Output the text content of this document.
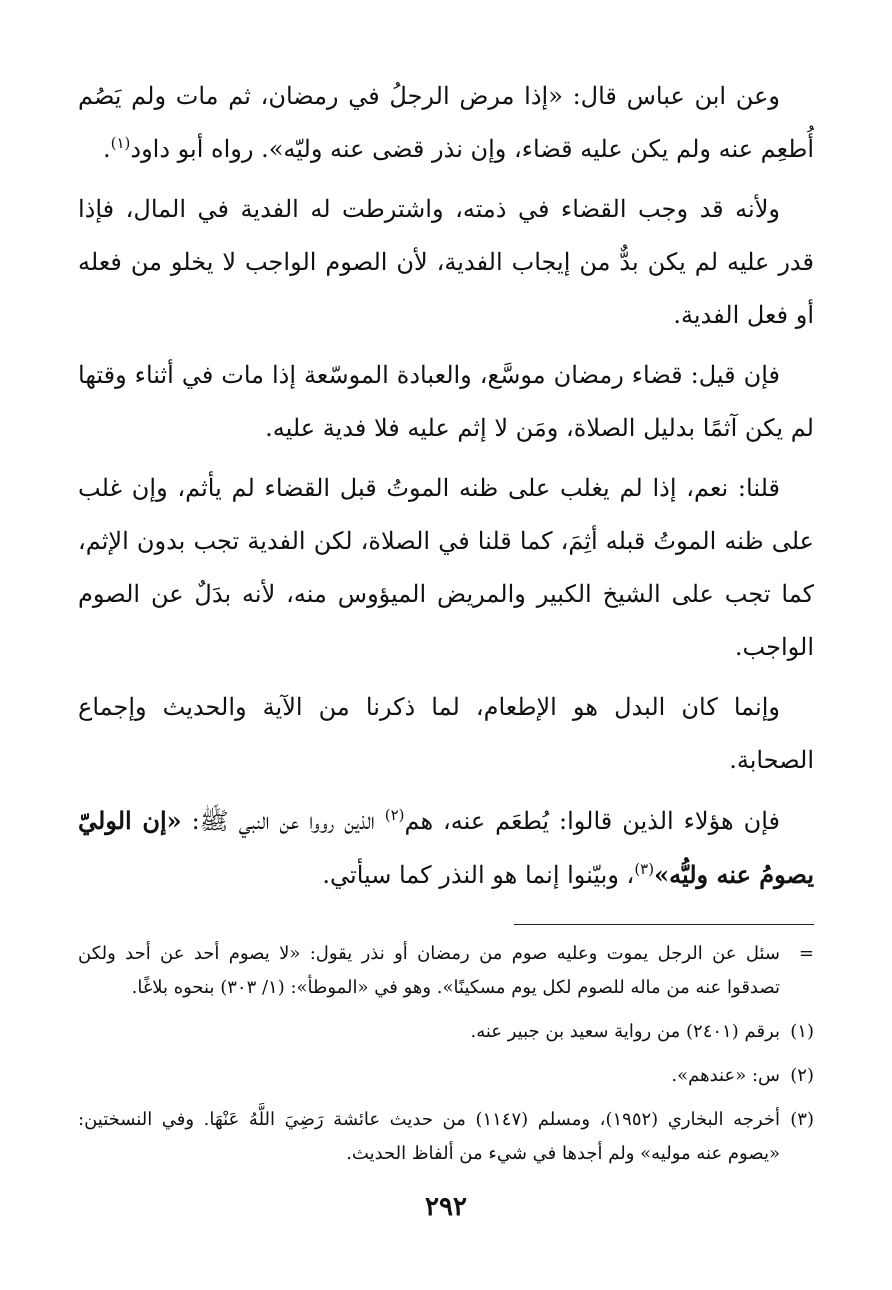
وعن ابن عباس قال: «إذا مرض الرجلُ في رمضان، ثم مات ولم يَصُم أُطعِم عنه ولم يكن عليه قضاء، وإن نذر قضى عنه وليّه». رواه أبو داود$^{(١)}$.

ولأنه قد وجب القضاء في ذمته، واشترطت له الفدية في المال، فإذا قدر عليه لم يكن بدٌّ من إيجاب الفدية، لأن الصوم الواجب لا يخلو من فعله أو فعل الفدية.

فإن قيل: قضاء رمضان موسَّع، والعبادة الموسّعة إذا مات في أثناء وقتها لم يكن آثمًا بدليل الصلاة، ومَن لا إثم عليه فلا فدية عليه.

قلنا: نعم، إذا لم يغلب على ظنه الموتُ قبل القضاء لم يأثم، وإن غلب على ظنه الموتُ قبله أثِمَ، كما قلنا في الصلاة، لكن الفدية تجب بدون الإثم، كما تجب على الشيخ الكبير والمريض الميؤوس منه، لأنه بدَلٌ عن الصوم الواجب.

وإنما كان البدل هو الإطعام، لما ذكرنا من الآية والحديث وإجماع الصحابة.

فإن هؤلاء الذين قالوا: يُطعَم عنه، هم$^{(٢)}$ الذين رووا عن النبي ﷺ: «إن الوليّ يصومُ عنه وليُّه»$^{(٣)}$، وبيّنوا إنما هو النذر كما سيأتي.

=
سئل عن الرجل يموت وعليه صوم من رمضان أو نذر يقول: «لا يصوم أحد عن أحد ولكن تصدقوا عنه من ماله للصوم لكل يوم مسكينًا». وهو في «الموطأ»: (١/ ٣٠٣) بنحوه بلاغًا.
(١)
برقم (٢٤٠١) من رواية سعيد بن جبير عنه.
(٢)
س: «عندهم».
(٣)
أخرجه البخاري (١٩٥٢)، ومسلم (١١٤٧) من حديث عائشة رَضِيَ اللَّهُ عَنْهَا. وفي النسختين: «يصوم عنه موليه» ولم أجدها في شيء من ألفاظ الحديث.
٢٩٢
